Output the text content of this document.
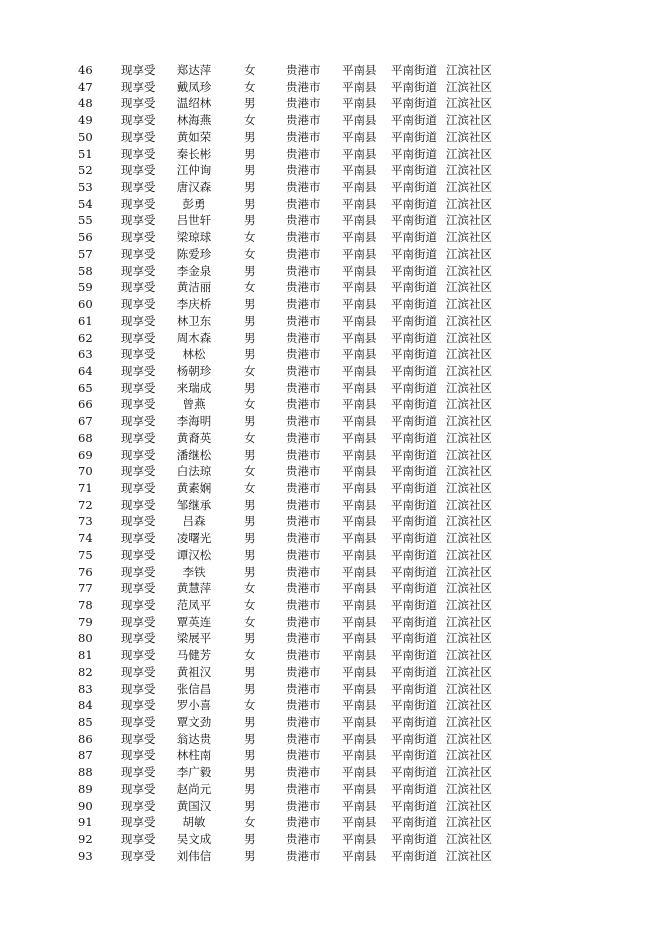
46	现享受	郑达萍	女	贵港市	平南县	平南街道 江滨社区
47	现享受	戴凤珍	女	贵港市	平南县	平南街道 江滨社区
48	现享受	温绍林	男	贵港市	平南县	平南街道 江滨社区
49	现享受	林海燕	女	贵港市	平南县	平南街道 江滨社区
50	现享受	黄如荣	男	贵港市	平南县	平南街道 江滨社区
51	现享受	秦长彬	男	贵港市	平南县	平南街道 江滨社区
52	现享受	江仲询	男	贵港市	平南县	平南街道 江滨社区
53	现享受	唐汉森	男	贵港市	平南县	平南街道 江滨社区
54	现享受	彭勇	男	贵港市	平南县	平南街道 江滨社区
55	现享受	吕世轩	男	贵港市	平南县	平南街道 江滨社区
56	现享受	梁琼球	女	贵港市	平南县	平南街道 江滨社区
57	现享受	陈爱珍	女	贵港市	平南县	平南街道 江滨社区
58	现享受	李金泉	男	贵港市	平南县	平南街道 江滨社区
59	现享受	黄洁丽	女	贵港市	平南县	平南街道 江滨社区
60	现享受	李庆桥	男	贵港市	平南县	平南街道 江滨社区
61	现享受	林卫东	男	贵港市	平南县	平南街道 江滨社区
62	现享受	周木森	男	贵港市	平南县	平南街道 江滨社区
63	现享受	林松	男	贵港市	平南县	平南街道 江滨社区
64	现享受	杨朝珍	女	贵港市	平南县	平南街道 江滨社区
65	现享受	来瑞成	男	贵港市	平南县	平南街道 江滨社区
66	现享受	曾燕	女	贵港市	平南县	平南街道 江滨社区
67	现享受	李海明	男	贵港市	平南县	平南街道 江滨社区
68	现享受	黄裔英	女	贵港市	平南县	平南街道 江滨社区
69	现享受	潘继松	男	贵港市	平南县	平南街道 江滨社区
70	现享受	白法琼	女	贵港市	平南县	平南街道 江滨社区
71	现享受	黄素娴	女	贵港市	平南县	平南街道 江滨社区
72	现享受	邹继承	男	贵港市	平南县	平南街道 江滨社区
73	现享受	吕森	男	贵港市	平南县	平南街道 江滨社区
74	现享受	凌曙光	男	贵港市	平南县	平南街道 江滨社区
75	现享受	谭汉松	男	贵港市	平南县	平南街道 江滨社区
76	现享受	李铁	男	贵港市	平南县	平南街道 江滨社区
77	现享受	黄慧萍	女	贵港市	平南县	平南街道 江滨社区
78	现享受	范凤平	女	贵港市	平南县	平南街道 江滨社区
79	现享受	覃英连	女	贵港市	平南县	平南街道 江滨社区
80	现享受	梁展平	男	贵港市	平南县	平南街道 江滨社区
81	现享受	马健芳	女	贵港市	平南县	平南街道 江滨社区
82	现享受	黄祖汉	男	贵港市	平南县	平南街道 江滨社区
83	现享受	张信昌	男	贵港市	平南县	平南街道 江滨社区
84	现享受	罗小喜	女	贵港市	平南县	平南街道 江滨社区
85	现享受	覃文劲	男	贵港市	平南县	平南街道 江滨社区
86	现享受	翁达贵	男	贵港市	平南县	平南街道 江滨社区
87	现享受	林柱南	男	贵港市	平南县	平南街道 江滨社区
88	现享受	李广毅	男	贵港市	平南县	平南街道 江滨社区
89	现享受	赵尚元	男	贵港市	平南县	平南街道 江滨社区
90	现享受	黄国汉	男	贵港市	平南县	平南街道 江滨社区
91	现享受	胡敏	女	贵港市	平南县	平南街道 江滨社区
92	现享受	吴文成	男	贵港市	平南县	平南街道 江滨社区
93	现享受	刘伟信	男	贵港市	平南县	平南街道 江滨社区
